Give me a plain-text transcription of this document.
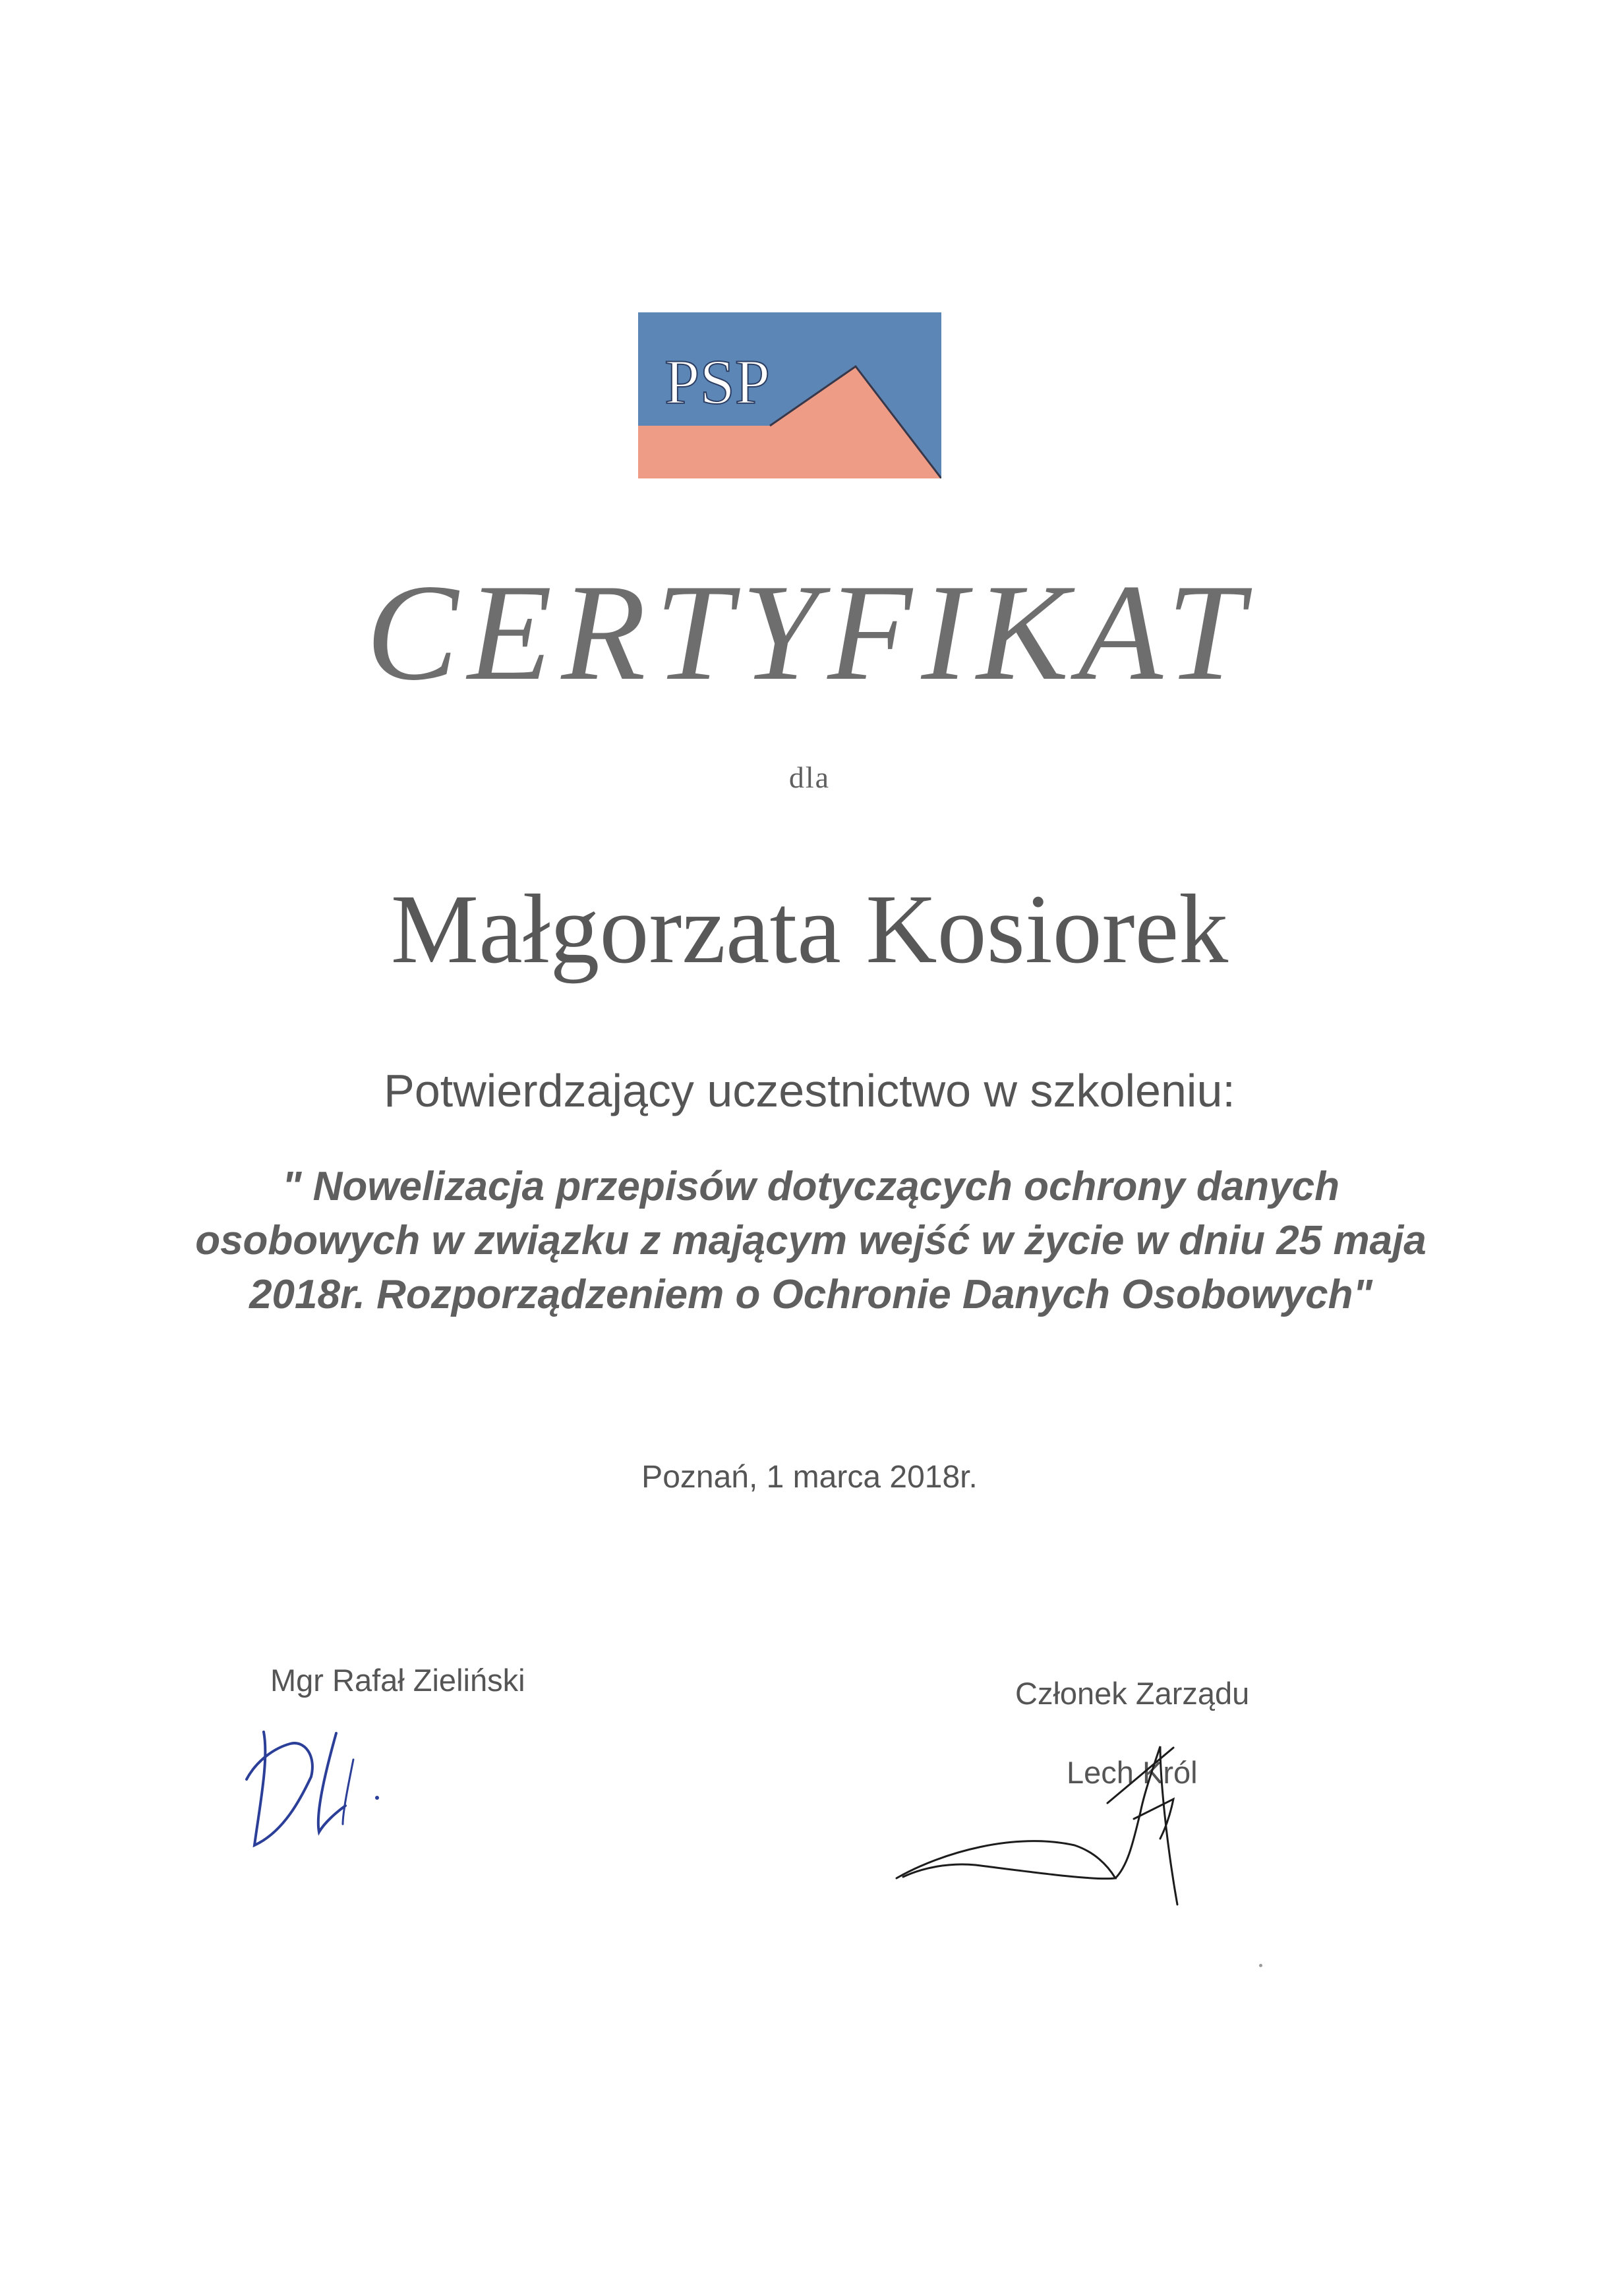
PSP
CERTYFIKAT
dla
Małgorzata Kosiorek
Potwierdzający uczestnictwo w szkoleniu:
" Nowelizacja przepisów dotyczących ochrony danych
osobowych w związku z mającym wejść w życie w dniu 25 maja
2018r. Rozporządzeniem o Ochronie Danych Osobowych"
Poznań, 1 marca 2018r.
Mgr Rafał Zieliński	Członek Zarządu
Lech Król
